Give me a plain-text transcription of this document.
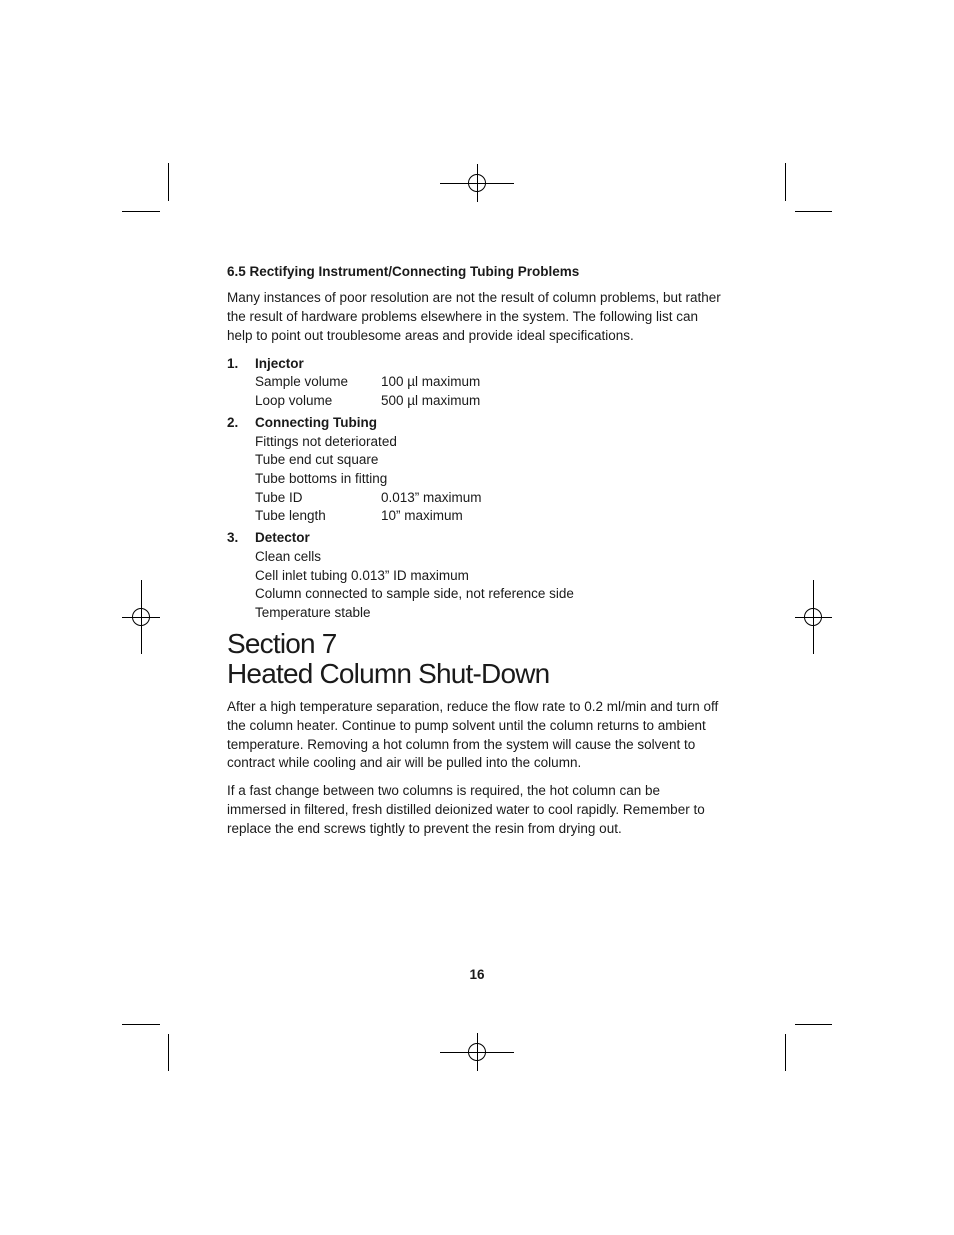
6.5 Rectifying Instrument/Connecting Tubing Problems
Many instances of poor resolution are not the result of column problems, but rather
the result of hardware problems elsewhere in the system. The following list can
help to point out troublesome areas and provide ideal specifications.
1. Injector
Sample volume 100 µl maximum
Loop volume	500 µl maximum
2. Connecting Tubing
Fittings not deteriorated
Tube end cut square
Tube bottoms in fitting
Tube ID	0.013” maximum
Tube length	10” maximum
3. Detector
Clean cells
Cell inlet tubing 0.013” ID maximum
Column connected to sample side, not reference side
Temperature stable
Section 7
Heated Column Shut-Down
After a high temperature separation, reduce the flow rate to 0.2 ml/min and turn off
the column heater. Continue to pump solvent until the column returns to ambient
temperature. Removing a hot column from the system will cause the solvent to
contract while cooling and air will be pulled into the column.
If a fast change between two columns is required, the hot column can be
immersed in filtered, fresh distilled deionized water to cool rapidly. Remember to
replace the end screws tightly to prevent the resin from drying out.
16
